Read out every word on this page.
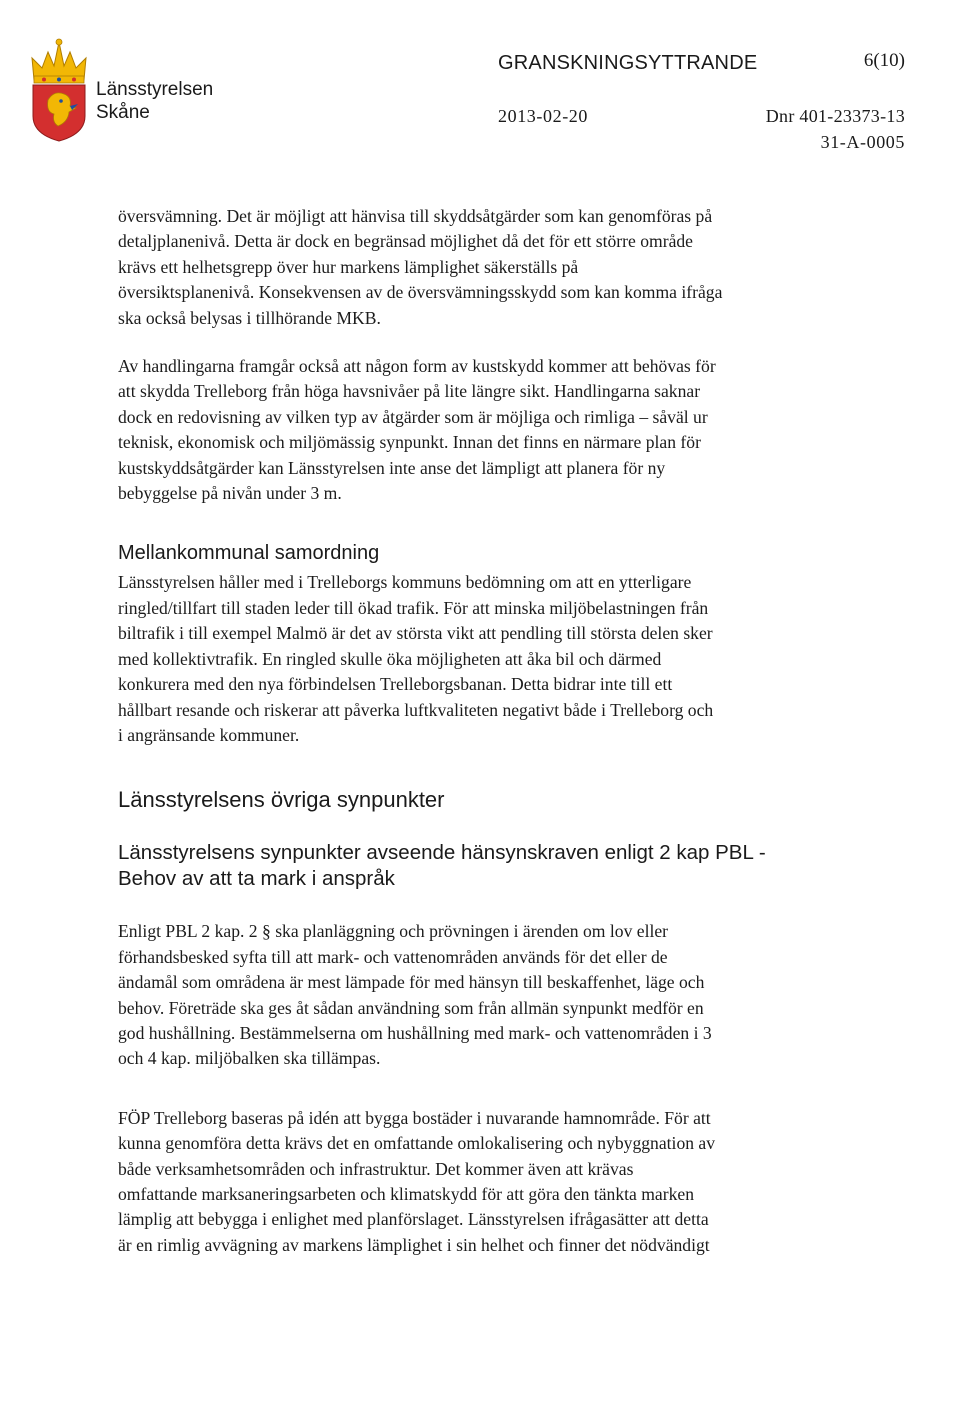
Länsstyrelsen
Skåne
GRANSKNINGSYTTRANDE	6(10)
2013-02-20	Dnr 401-23373-13
31-A-0005

översvämning. Det är möjligt att hänvisa till skyddsåtgärder som kan genomföras på
detaljplanenivå. Detta är dock en begränsad möjlighet då det för ett större område
krävs ett helhetsgrepp över hur markens lämplighet säkerställs på
översiktsplanenivå. Konsekvensen av de översvämningsskydd som kan komma ifråga
ska också belysas i tillhörande MKB.

Av handlingarna framgår också att någon form av kustskydd kommer att behövas för
att skydda Trelleborg från höga havsnivåer på lite längre sikt. Handlingarna saknar
dock en redovisning av vilken typ av åtgärder som är möjliga och rimliga – såväl ur
teknisk, ekonomisk och miljömässig synpunkt. Innan det finns en närmare plan för
kustskyddsåtgärder kan Länsstyrelsen inte anse det lämpligt att planera för ny
bebyggelse på nivån under 3 m.

Mellankommunal samordning

Länsstyrelsen håller med i Trelleborgs kommuns bedömning om att en ytterligare
ringled/tillfart till staden leder till ökad trafik. För att minska miljöbelastningen från
biltrafik i till exempel Malmö är det av största vikt att pendling till största delen sker
med kollektivtrafik. En ringled skulle öka möjligheten att åka bil och därmed
konkurera med den nya förbindelsen Trelleborgsbanan. Detta bidrar inte till ett
hållbart resande och riskerar att påverka luftkvaliteten negativt både i Trelleborg och
i angränsande kommuner.

Länsstyrelsens övriga synpunkter
Länsstyrelsens synpunkter avseende hänsynskraven enligt 2 kap PBL -
Behov av att ta mark i anspråk

Enligt PBL 2 kap. 2 § ska planläggning och prövningen i ärenden om lov eller
förhandsbesked syfta till att mark- och vattenområden används för det eller de
ändamål som områdena är mest lämpade för med hänsyn till beskaffenhet, läge och
behov. Företräde ska ges åt sådan användning som från allmän synpunkt medför en
god hushållning. Bestämmelserna om hushållning med mark- och vattenområden i 3
och 4 kap. miljöbalken ska tillämpas.

FÖP Trelleborg baseras på idén att bygga bostäder i nuvarande hamnområde. För att
kunna genomföra detta krävs det en omfattande omlokalisering och nybyggnation av
både verksamhetsområden och infrastruktur. Det kommer även att krävas
omfattande marksaneringsarbeten och klimatskydd för att göra den tänkta marken
lämplig att bebygga i enlighet med planförslaget. Länsstyrelsen ifrågasätter att detta
är en rimlig avvägning av markens lämplighet i sin helhet och finner det nödvändigt
